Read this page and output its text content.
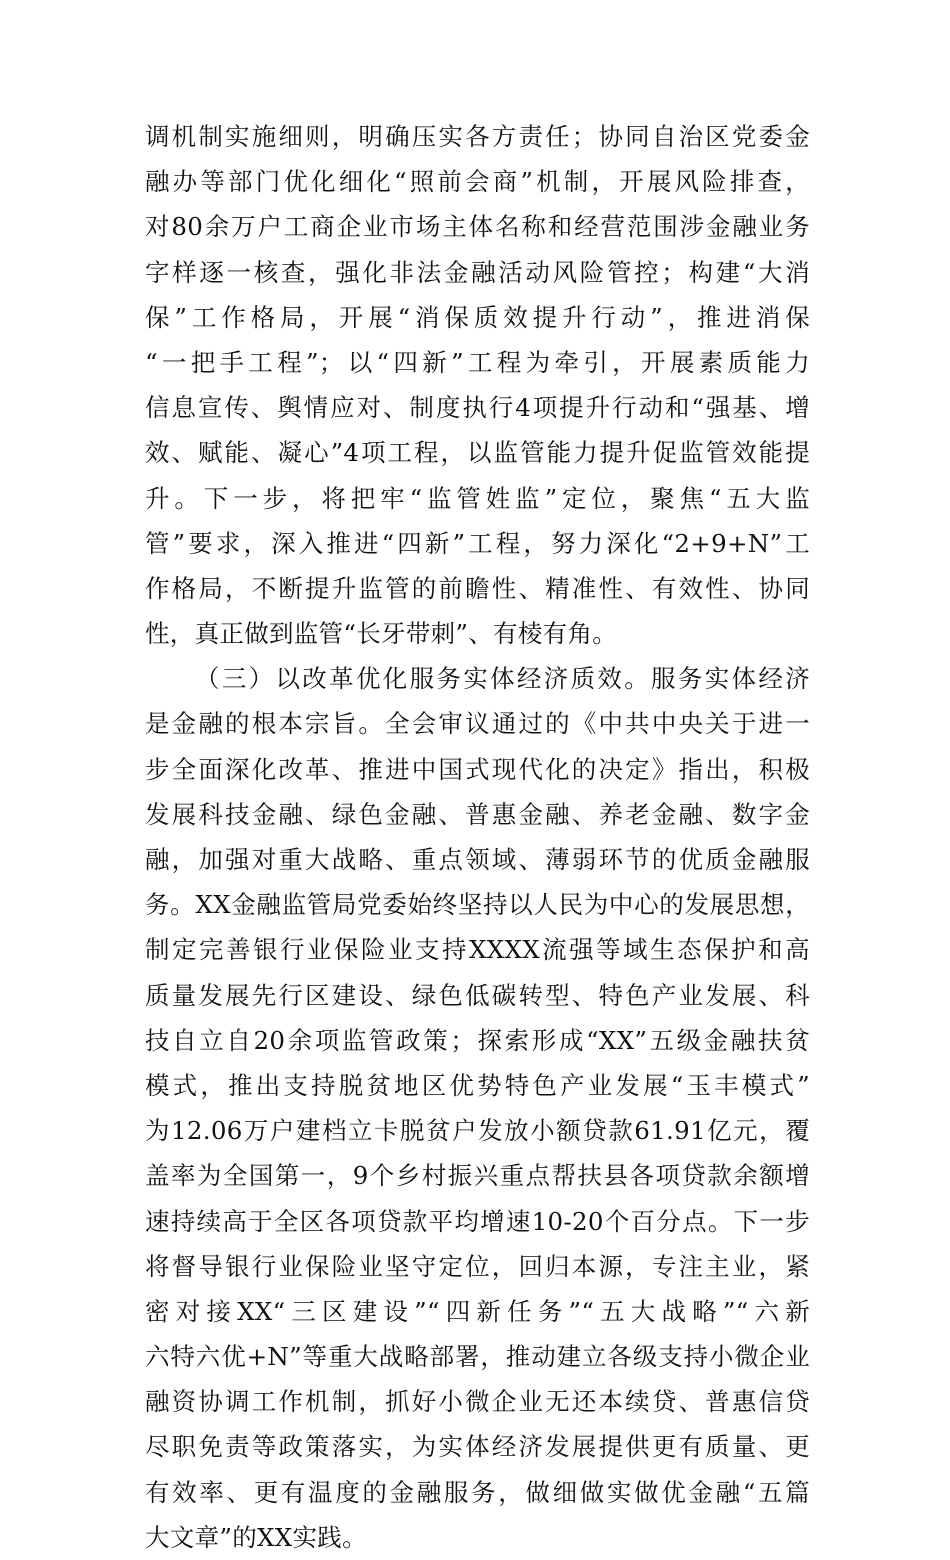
调机制实施细则，明确压实各方责任；协同自治区党委金
融办等部门优化细化“照前会商”机制，开展风险排查，
对80余万户工商企业市场主体名称和经营范围涉金融业务
字样逐一核查，强化非法金融活动风险管控；构建“大消
保”工作格局，开展“消保质效提升行动”，推进消保
“一把手工程”；以“四新”工程为牵引，开展素质能力
信息宣传、舆情应对、制度执行4项提升行动和“强基、增
效、赋能、凝心”4项工程，以监管能力提升促监管效能提
升。下一步，将把牢“监管姓监”定位，聚焦“五大监
管”要求，深入推进“四新”工程，努力深化“2+9+N”工
作格局，不断提升监管的前瞻性、精准性、有效性、协同
性，真正做到监管“长牙带刺”、有棱有角。
（三）以改革优化服务实体经济质效。服务实体经济
是金融的根本宗旨。全会审议通过的《中共中央关于进一
步全面深化改革、推进中国式现代化的决定》指出，积极
发展科技金融、绿色金融、普惠金融、养老金融、数字金
融，加强对重大战略、重点领域、薄弱环节的优质金融服
务。XX金融监管局党委始终坚持以人民为中心的发展思想，
制定完善银行业保险业支持XXXX流强等域生态保护和高
质量发展先行区建设、绿色低碳转型、特色产业发展、科
技自立自20余项监管政策；探索形成“XX”五级金融扶贫
模式，推出支持脱贫地区优势特色产业发展“玉丰模式”
为12.06万户建档立卡脱贫户发放小额贷款61.91亿元，覆
盖率为全国第一，9个乡村振兴重点帮扶县各项贷款余额增
速持续高于全区各项贷款平均增速10-20个百分点。下一步
将督导银行业保险业坚守定位，回归本源，专注主业，紧
密对接XX“三区建设”“四新任务”“五大战略”“六新
六特六优+N”等重大战略部署，推动建立各级支持小微企业
融资协调工作机制，抓好小微企业无还本续贷、普惠信贷
尽职免责等政策落实，为实体经济发展提供更有质量、更
有效率、更有温度的金融服务，做细做实做优金融“五篇
大文章”的XX实践。
